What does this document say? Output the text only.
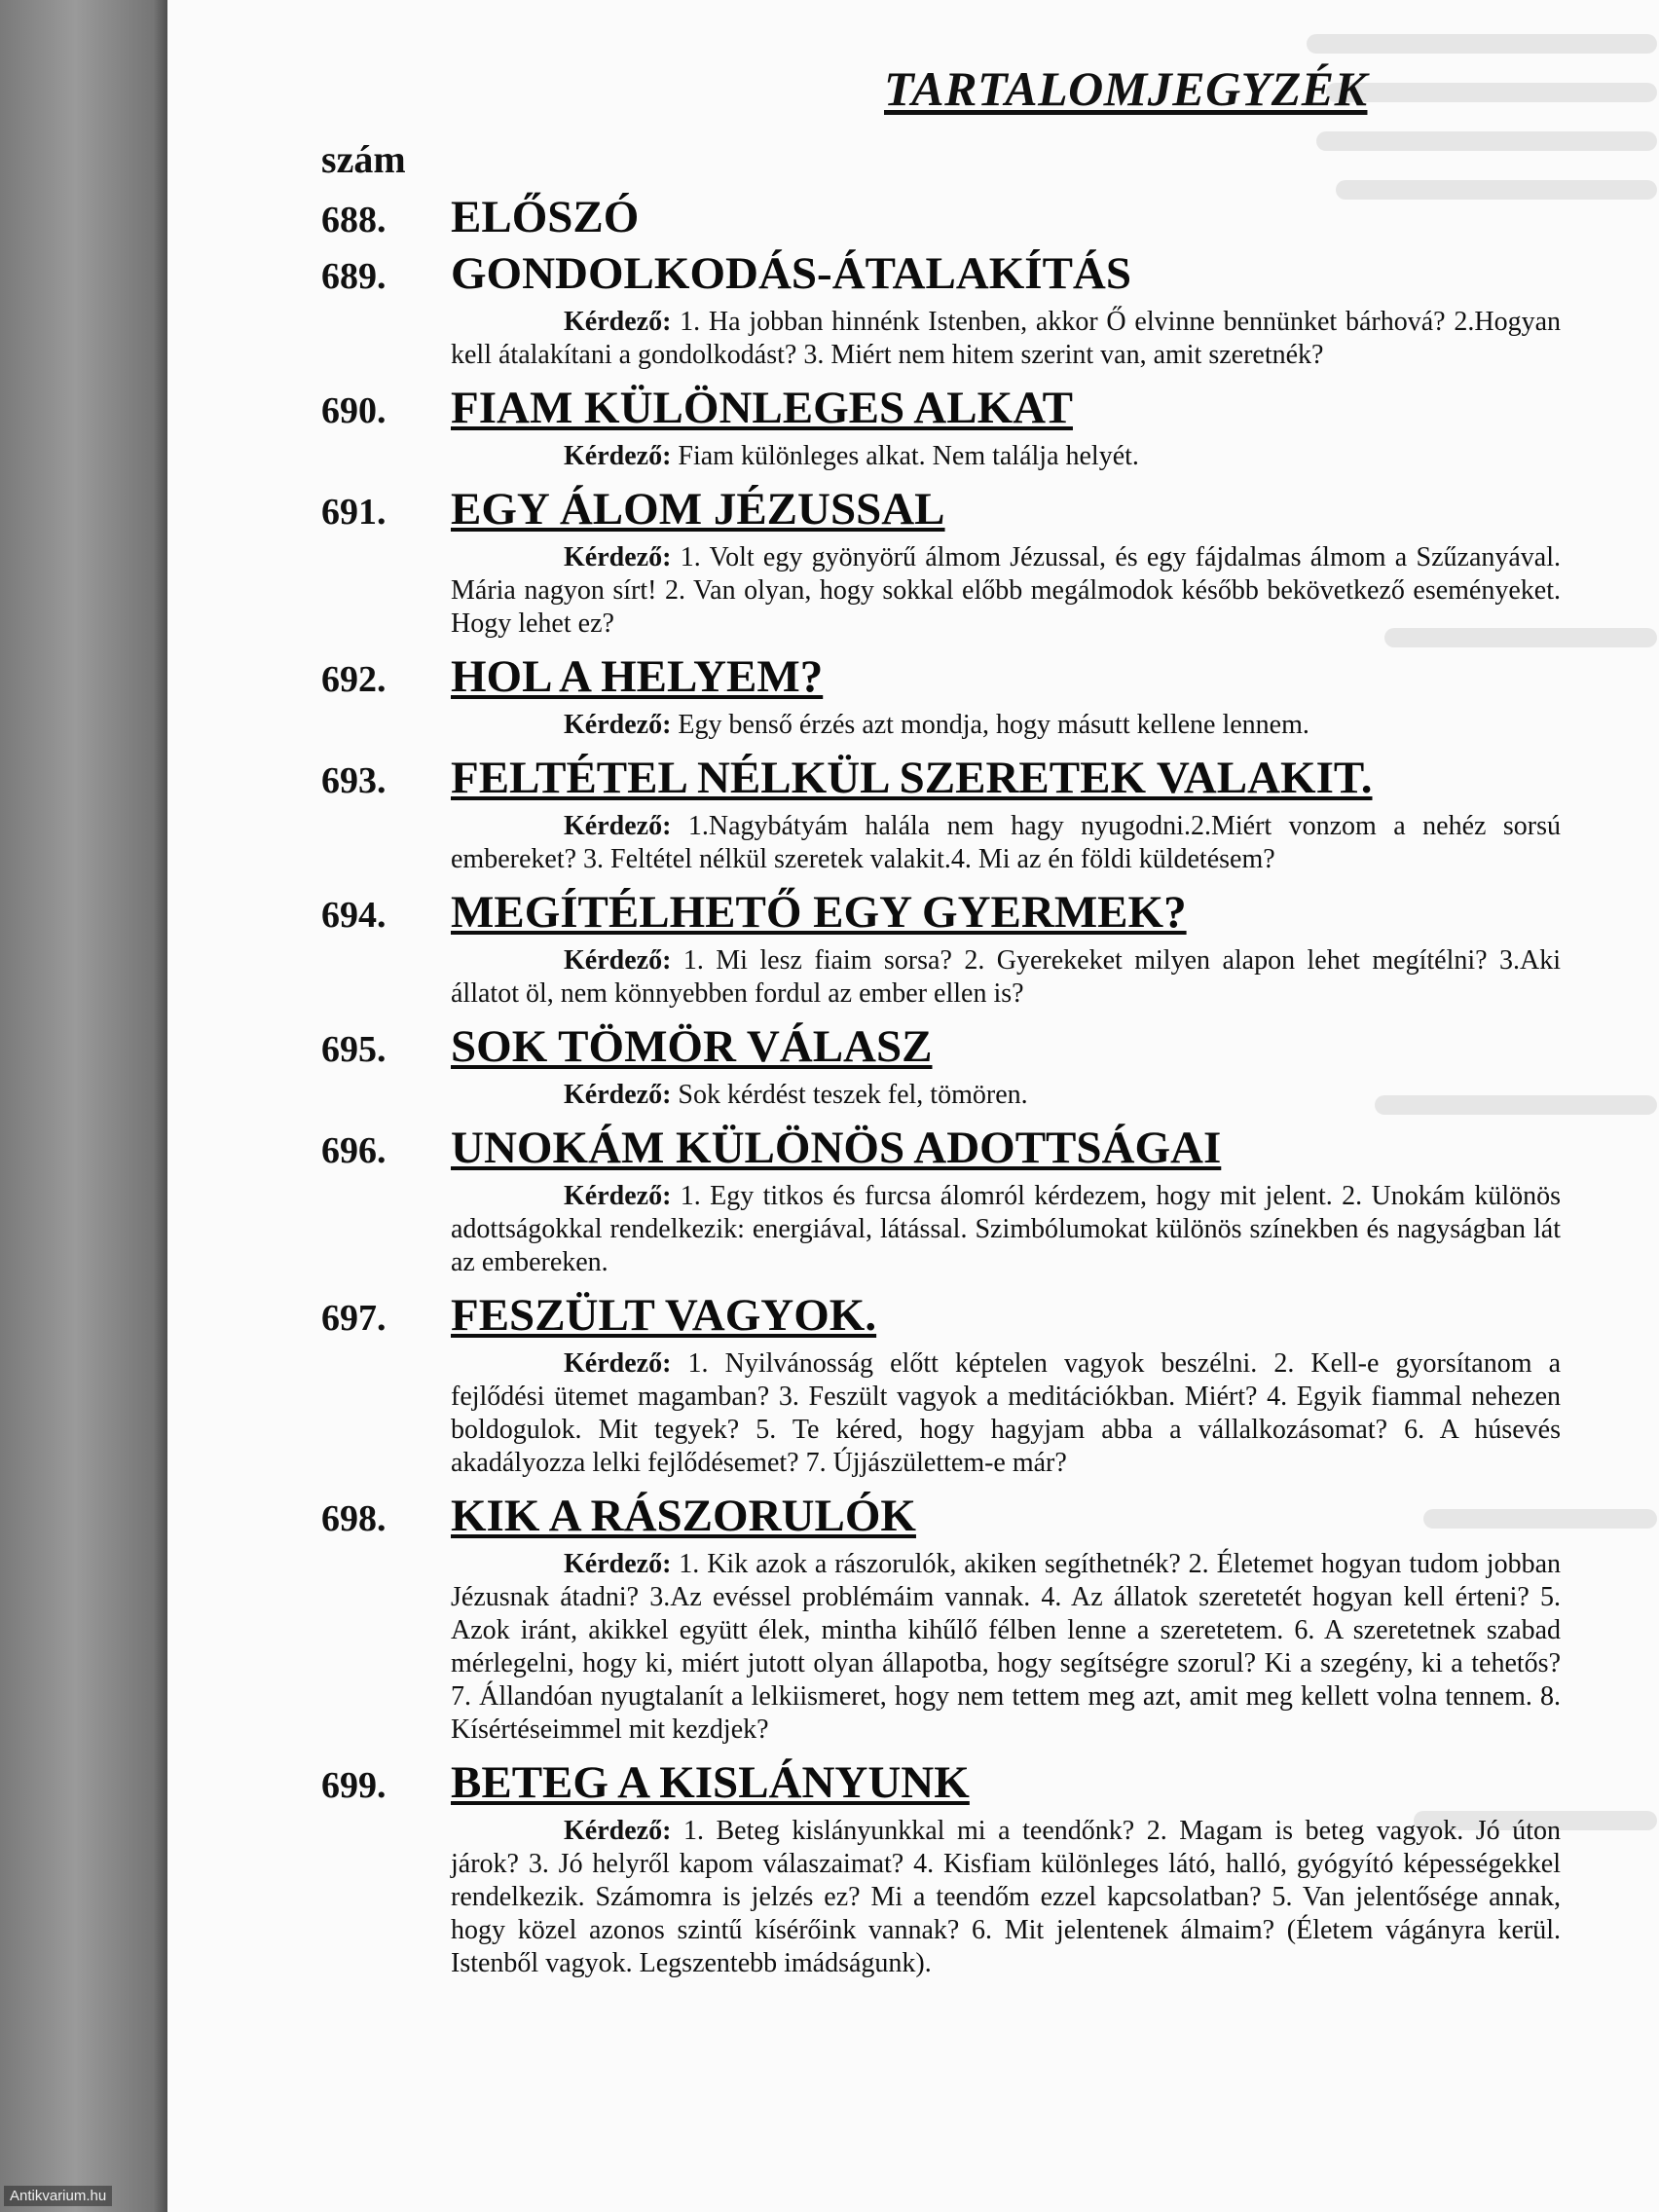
TARTALOMJEGYZÉK
szám
688.	ELŐSZÓ
689.	GONDOLKODÁS-ÁTALAKÍTÁS
Kérdező: 1. Ha jobban hinnénk Istenben, akkor Ő elvinne bennünket bárhová? 2.Hogyan kell átalakítani a gondolkodást? 3. Miért nem hitem szerint van, amit szeretnék?
690.	FIAM KÜLÖNLEGES ALKAT
Kérdező: Fiam különleges alkat. Nem találja helyét.
691.	EGY ÁLOM JÉZUSSAL
Kérdező: 1. Volt egy gyönyörű álmom Jézussal, és egy fájdalmas álmom a Szűzanyával. Mária nagyon sírt! 2. Van olyan, hogy sokkal előbb megálmodok később bekövetkező eseményeket. Hogy lehet ez?
692.	HOL A HELYEM?
Kérdező: Egy benső érzés azt mondja, hogy másutt kellene lennem.
693.	FELTÉTEL NÉLKÜL SZERETEK VALAKIT.
Kérdező: 1.Nagybátyám halála nem hagy nyugodni.2.Miért vonzom a nehéz sorsú embereket? 3. Feltétel nélkül szeretek valakit.4. Mi az én földi küldetésem?
694.	MEGÍTÉLHETŐ EGY GYERMEK?
Kérdező: 1. Mi lesz fiaim sorsa? 2. Gyerekeket milyen alapon lehet megítélni? 3.Aki állatot öl, nem könnyebben fordul az ember ellen is?
695.	SOK TÖMÖR VÁLASZ
Kérdező: Sok kérdést teszek fel, tömören.
696.	UNOKÁM KÜLÖNÖS ADOTTSÁGAI
Kérdező: 1. Egy titkos és furcsa álomról kérdezem, hogy mit jelent. 2. Unokám különös adottságokkal rendelkezik: energiával, látással. Szimbólumokat különös színekben és nagyságban lát az embereken.
697.	FESZÜLT VAGYOK.
Kérdező: 1. Nyilvánosság előtt képtelen vagyok beszélni. 2. Kell-e gyorsítanom a fejlődési ütemet magamban? 3. Feszült vagyok a meditációkban. Miért? 4. Egyik fiammal nehezen boldogulok. Mit tegyek? 5. Te kéred, hogy hagyjam abba a vállalkozásomat? 6. A húsevés akadályozza lelki fejlődésemet? 7. Újjászülettem-e már?
698.	KIK A RÁSZORULÓK
Kérdező: 1. Kik azok a rászorulók, akiken segíthetnék? 2. Életemet hogyan tudom jobban Jézusnak átadni? 3.Az evéssel problémáim vannak. 4. Az állatok szeretetét hogyan kell érteni? 5. Azok iránt, akikkel együtt élek, mintha kihűlő félben lenne a szeretetem. 6. A szeretetnek szabad mérlegelni, hogy ki, miért jutott olyan állapotba, hogy segítségre szorul? Ki a szegény, ki a tehetős? 7. Állandóan nyugtalanít a lelkiismeret, hogy nem tettem meg azt, amit meg kellett volna tennem. 8. Kísértéseimmel mit kezdjek?
699.	BETEG A KISLÁNYUNK
Kérdező: 1. Beteg kislányunkkal mi a teendőnk? 2. Magam is beteg vagyok. Jó úton járok? 3. Jó helyről kapom válaszaimat? 4. Kisfiam különleges látó, halló, gyógyító képességekkel rendelkezik. Számomra is jelzés ez? Mi a teendőm ezzel kapcsolatban? 5. Van jelentősége annak, hogy közel azonos szintű kísérőink vannak? 6. Mit jelentenek álmaim? (Életem vágányra kerül. Istenből vagyok. Legszentebb imádságunk).
Antikvarium.hu
